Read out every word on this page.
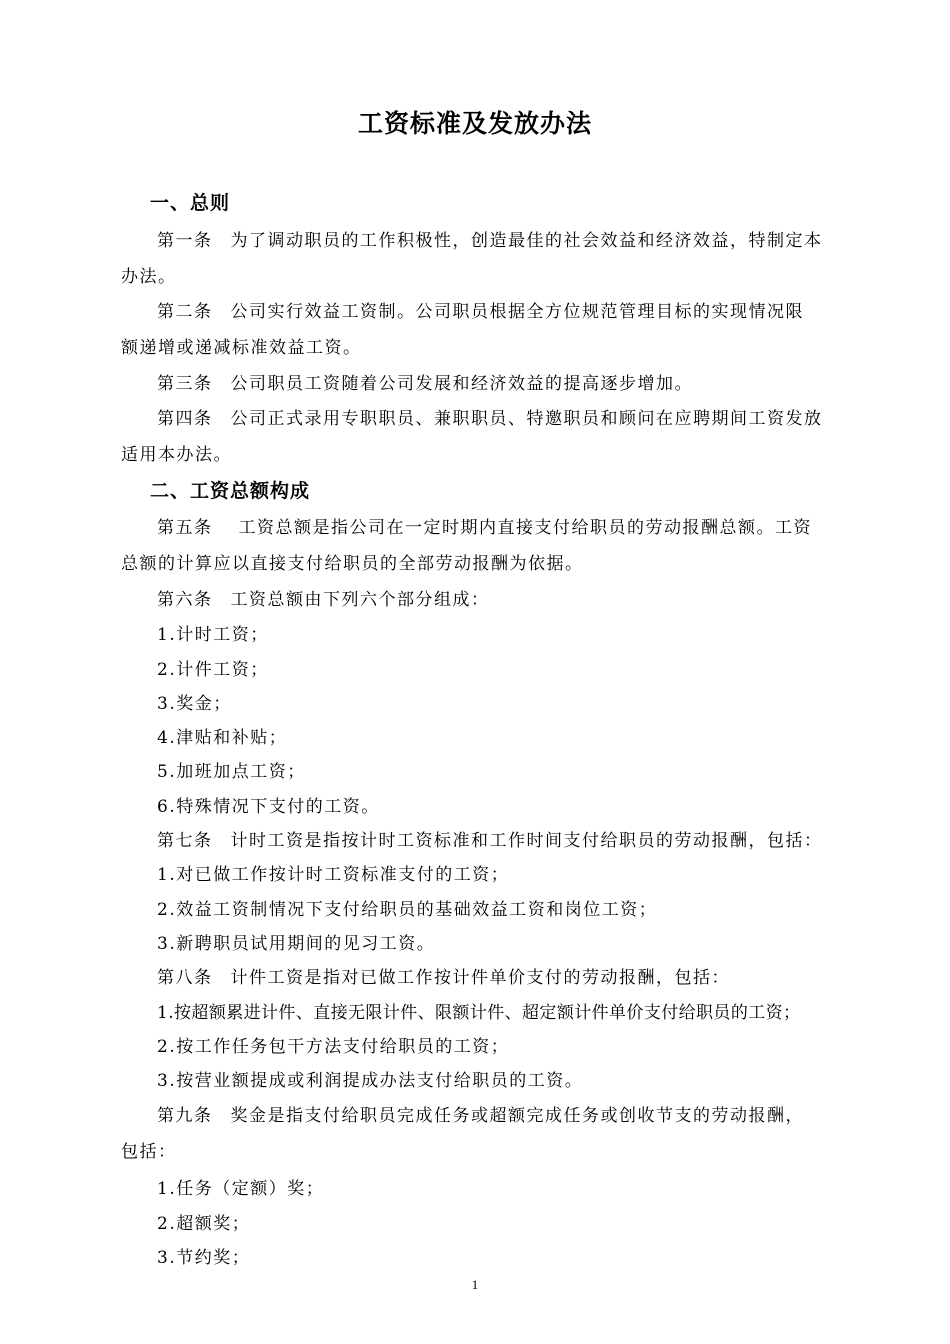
工资标准及发放办法
一、总则
第一条 为了调动职员的工作积极性，创造最佳的社会效益和经济效益，特制定本
办法。
第二条 公司实行效益工资制。公司职员根据全方位规范管理目标的实现情况限
额递增或递减标准效益工资。
第三条 公司职员工资随着公司发展和经济效益的提高逐步增加。
第四条 公司正式录用专职职员、兼职职员、特邀职员和顾问在应聘期间工资发放
适用本办法。
二、工资总额构成
第五条 工资总额是指公司在一定时期内直接支付给职员的劳动报酬总额。工资
总额的计算应以直接支付给职员的全部劳动报酬为依据。
第六条 工资总额由下列六个部分组成：
1.计时工资；
2.计件工资；
3.奖金；
4.津贴和补贴；
5.加班加点工资；
6.特殊情况下支付的工资。
第七条 计时工资是指按计时工资标准和工作时间支付给职员的劳动报酬，包括：
1.对已做工作按计时工资标准支付的工资；
2.效益工资制情况下支付给职员的基础效益工资和岗位工资；
3.新聘职员试用期间的见习工资。
第八条 计件工资是指对已做工作按计件单价支付的劳动报酬，包括：
1.按超额累进计件、直接无限计件、限额计件、超定额计件单价支付给职员的工资；
2.按工作任务包干方法支付给职员的工资；
3.按营业额提成或利润提成办法支付给职员的工资。
第九条 奖金是指支付给职员完成任务或超额完成任务或创收节支的劳动报酬，
包括：
1.任务（定额）奖；
2.超额奖；
3.节约奖；
1
